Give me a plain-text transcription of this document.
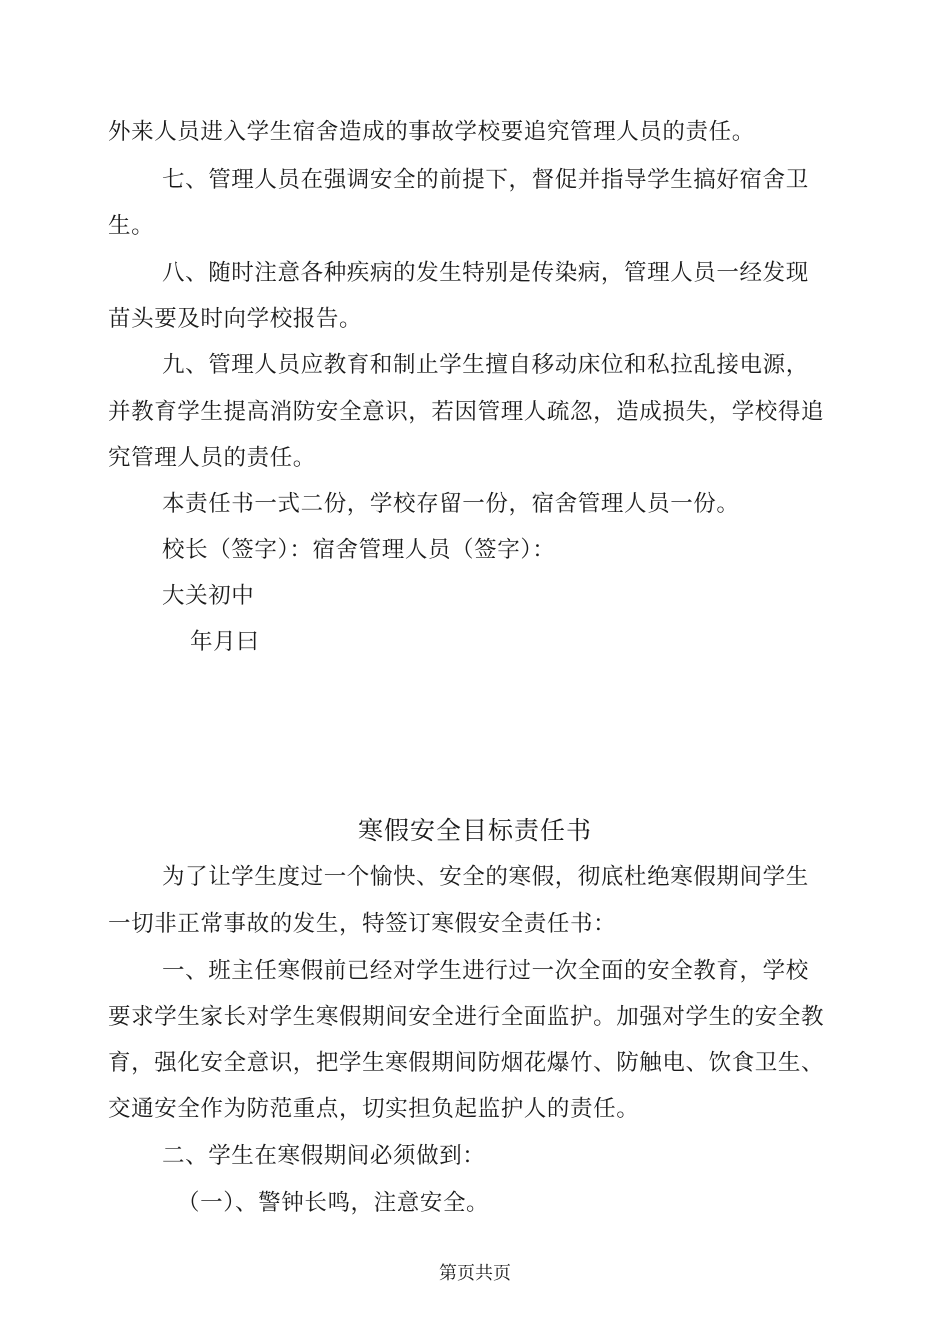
外来人员进入学生宿舍造成的事故学校要追究管理人员的责任。
七、管理人员在强调安全的前提下，督促并指导学生搞好宿舍卫
生。
八、随时注意各种疾病的发生特别是传染病，管理人员一经发现
苗头要及时向学校报告。
九、管理人员应教育和制止学生擅自移动床位和私拉乱接电源，
并教育学生提高消防安全意识，若因管理人疏忽，造成损失，学校得追
究管理人员的责任。
本责任书一式二份，学校存留一份，宿舍管理人员一份。
校长（签字）：宿舍管理人员（签字）：
大关初中
年月曰
寒假安全目标责任书
为了让学生度过一个愉快、安全的寒假，彻底杜绝寒假期间学生
一切非正常事故的发生，特签订寒假安全责任书：
一、班主任寒假前已经对学生进行过一次全面的安全教育，学校
要求学生家长对学生寒假期间安全进行全面监护。加强对学生的安全教
育，强化安全意识，把学生寒假期间防烟花爆竹、防触电、饮食卫生、
交通安全作为防范重点，切实担负起监护人的责任。
二、学生在寒假期间必须做到：
（一）、警钟长鸣，注意安全。
第页共页
